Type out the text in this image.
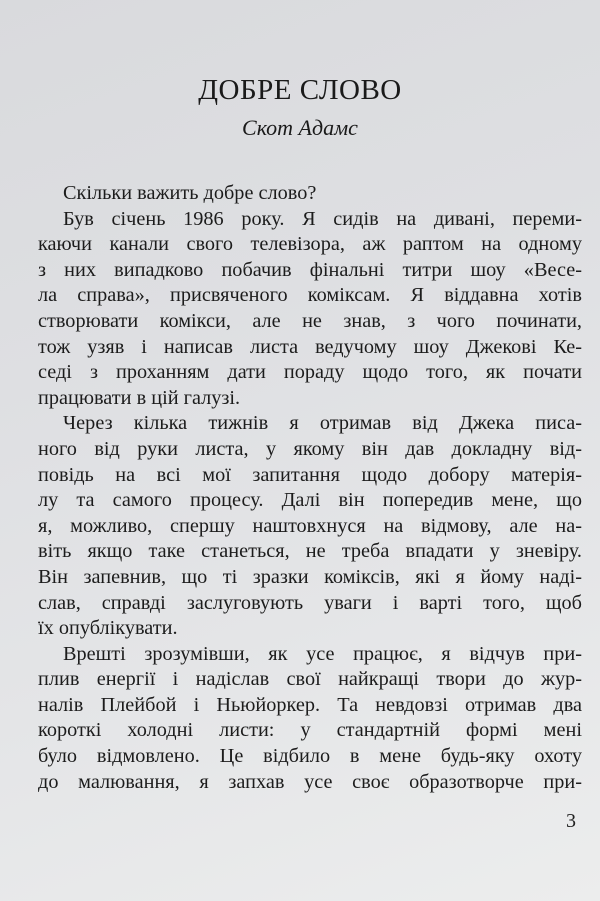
ДОБРЕ СЛОВО
Скот Адамс
Скільки важить добре слово?
Був січень 1986 року. Я сидів на дивані, переми-
каючи канали свого телевізора, аж раптом на одному
з них випадково побачив фінальні титри шоу «Весе-
ла справа», присвяченого коміксам. Я віддавна хотів
створювати комікси, але не знав, з чого починати,
тож узяв і написав листа ведучому шоу Джекові Ке-
седі з проханням дати пораду щодо того, як почати
працювати в цій галузі.
Через кілька тижнів я отримав від Джека писа-
ного від руки листа, у якому він дав докладну від-
повідь на всі мої запитання щодо добору матерія-
лу та самого процесу. Далі він попередив мене, що
я, можливо, спершу наштовхнуся на відмову, але на-
віть якщо таке станеться, не треба впадати у зневіру.
Він запевнив, що ті зразки коміксів, які я йому наді-
слав, справді заслуговують уваги і варті того, щоб
їх опублікувати.
Врешті зрозумівши, як усе працює, я відчув при-
плив енергії і надіслав свої найкращі твори до жур-
налів Плейбой і Ньюйоркер. Та невдовзі отримав два
короткі холодні листи: у стандартній формі мені
було відмовлено. Це відбило в мене будь-яку охоту
до малювання, я запхав усе своє образотворче при-
3
